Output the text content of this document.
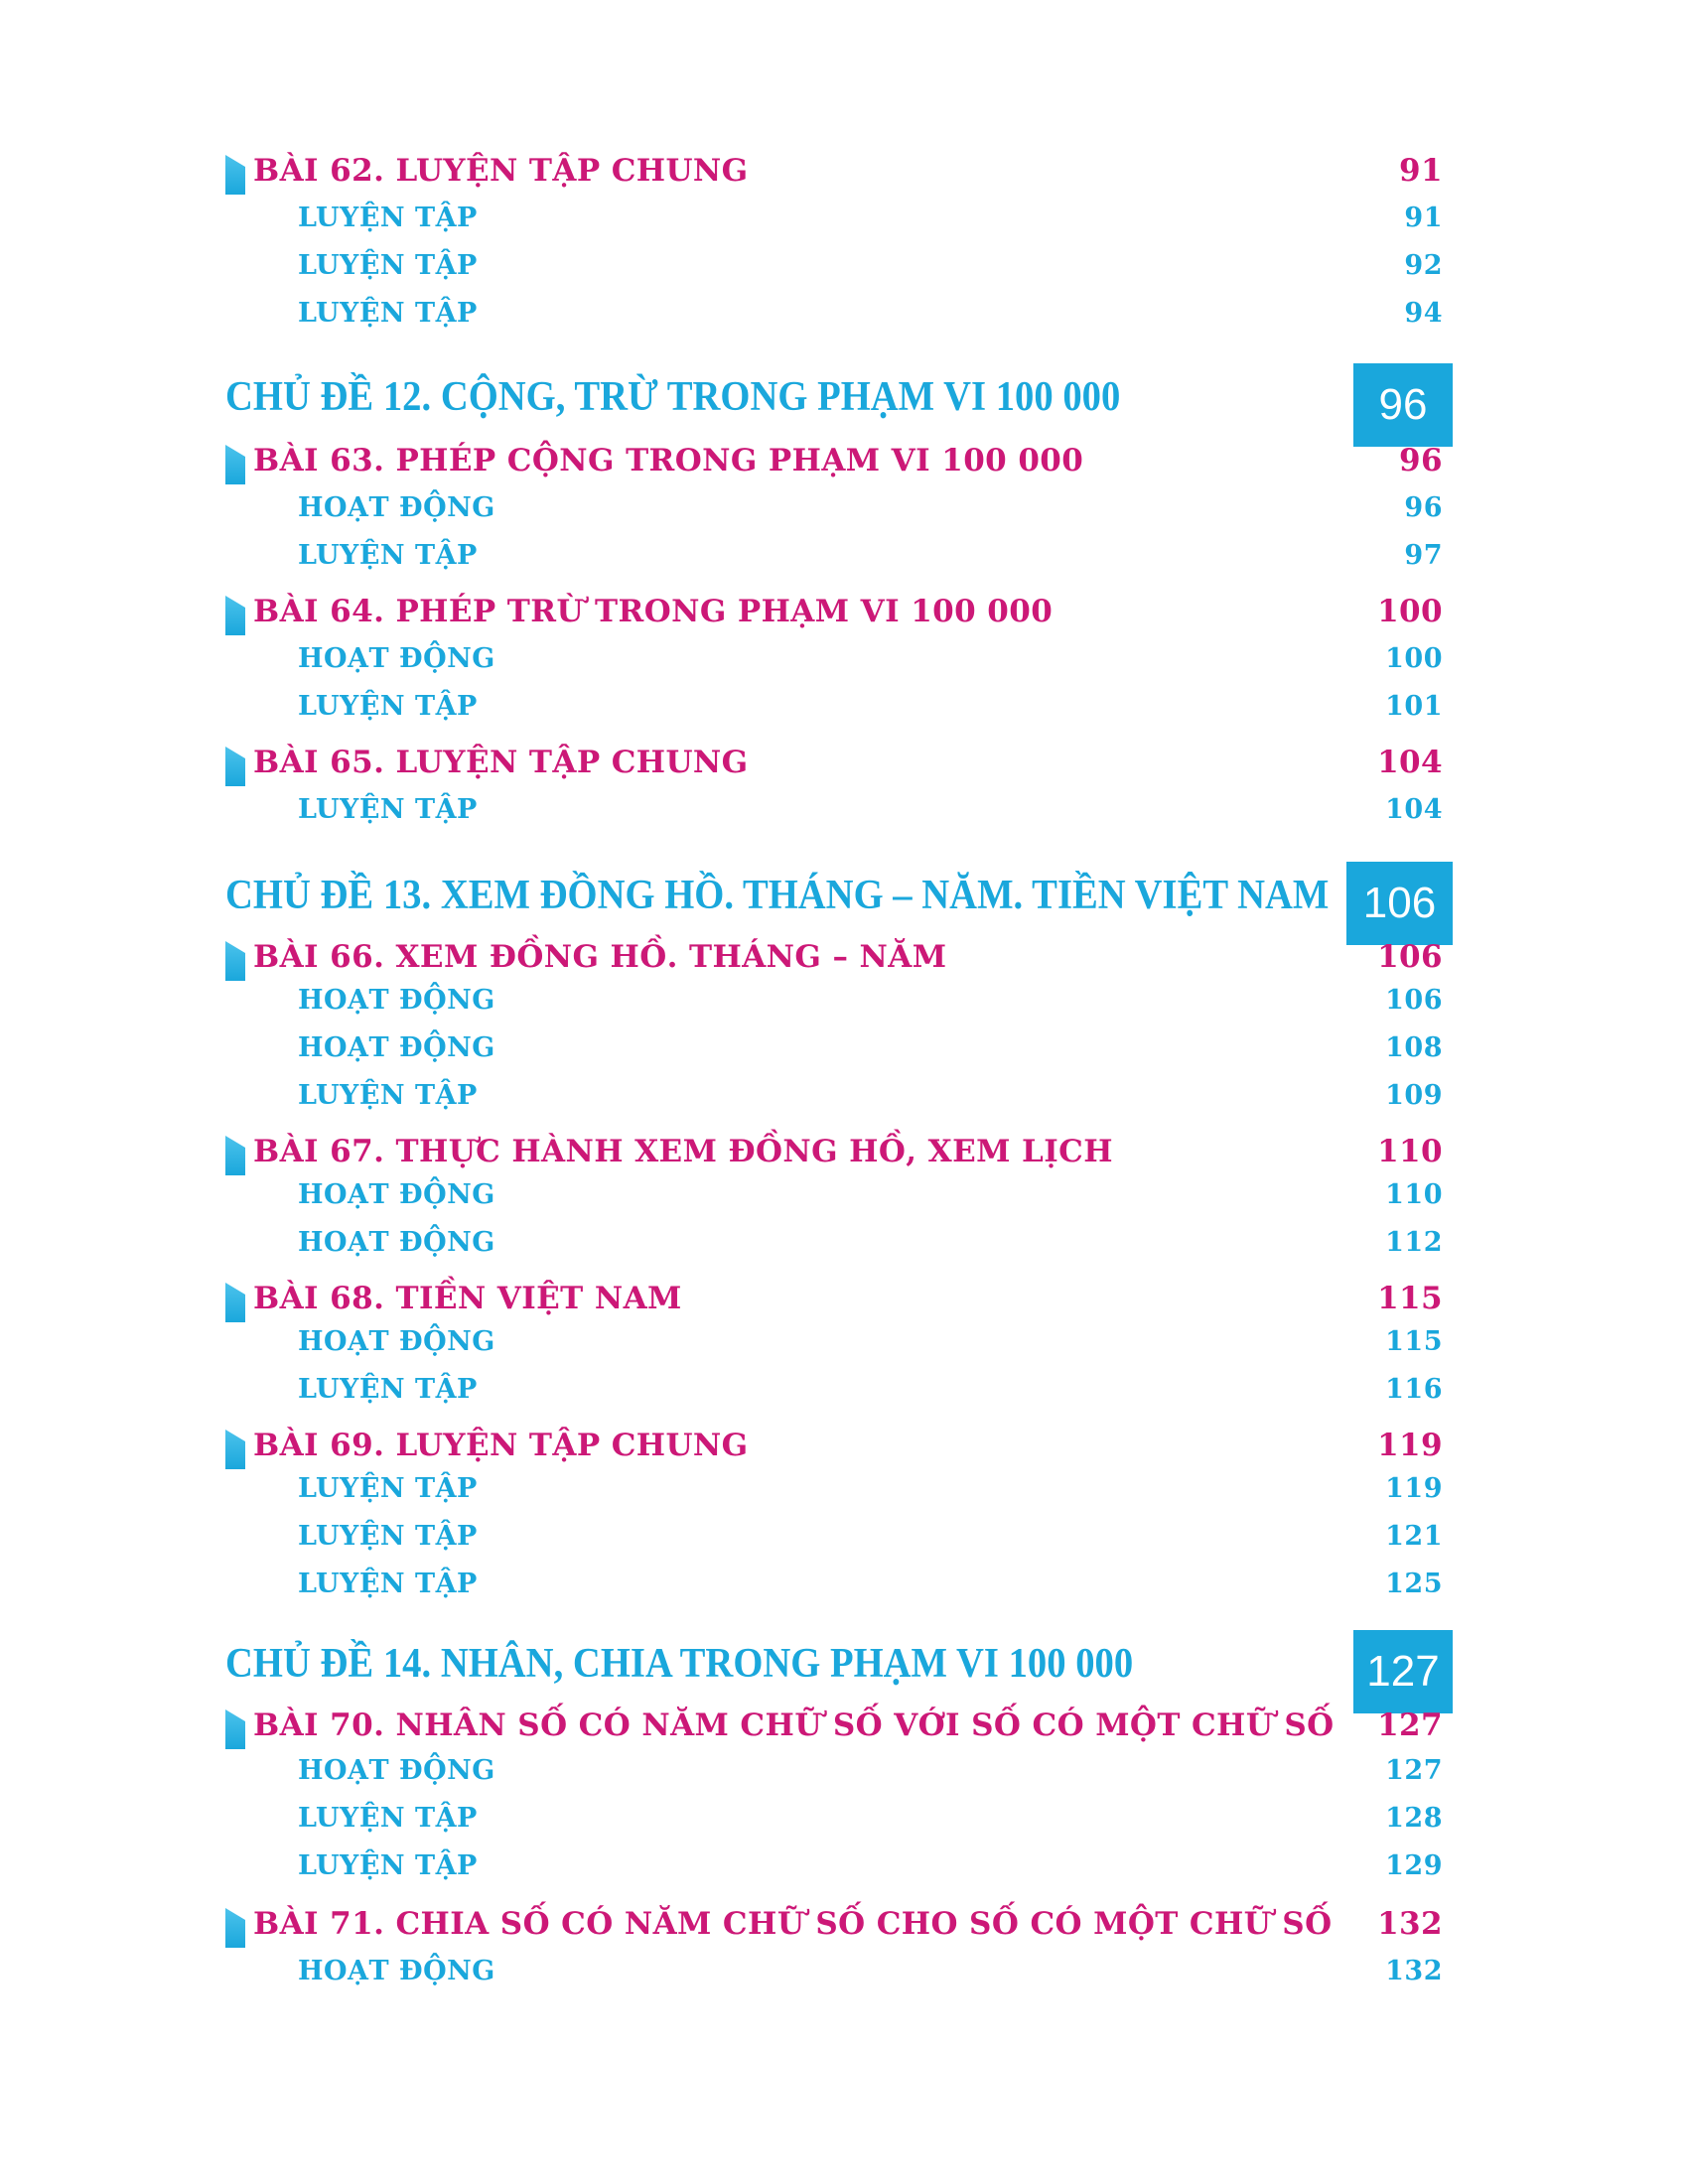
BÀI 62. LUYỆN TẬP CHUNG	91
LUYỆN TẬP	91
LUYỆN TẬP	92
LUYỆN TẬP	94
CHỦ ĐỀ 12. CỘNG, TRỪ TRONG PHẠM VI 100 000	96
BÀI 63. PHÉP CỘNG TRONG PHẠM VI 100 000	96
HOẠT ĐỘNG	96
LUYỆN TẬP	97
BÀI 64. PHÉP TRỪ TRONG PHẠM VI 100 000	100
HOẠT ĐỘNG	100
LUYỆN TẬP	101
BÀI 65. LUYỆN TẬP CHUNG	104
LUYỆN TẬP	104
CHỦ ĐỀ 13. XEM ĐỒNG HỒ. THÁNG – NĂM. TIỀN VIỆT NAM 106
BÀI 66. XEM ĐỒNG HỒ. THÁNG – NĂM	106
HOẠT ĐỘNG	106
HOẠT ĐỘNG	108
LUYỆN TẬP	109
BÀI 67. THỰC HÀNH XEM ĐỒNG HỒ, XEM LỊCH	110
HOẠT ĐỘNG	110
HOẠT ĐỘNG	112
BÀI 68. TIỀN VIỆT NAM	115
HOẠT ĐỘNG	115
LUYỆN TẬP	116
BÀI 69. LUYỆN TẬP CHUNG	119
LUYỆN TẬP	119
LUYỆN TẬP	121
LUYỆN TẬP	125
CHỦ ĐỀ 14. NHÂN, CHIA TRONG PHẠM VI 100 000	127
BÀI 70. NHÂN SỐ CÓ NĂM CHỮ SỐ VỚI SỐ CÓ MỘT CHỮ SỐ 127
HOẠT ĐỘNG	127
LUYỆN TẬP	128
LUYỆN TẬP	129
BÀI 71. CHIA SỐ CÓ NĂM CHỮ SỐ CHO SỐ CÓ MỘT CHỮ SỐ 132
HOẠT ĐỘNG	132
